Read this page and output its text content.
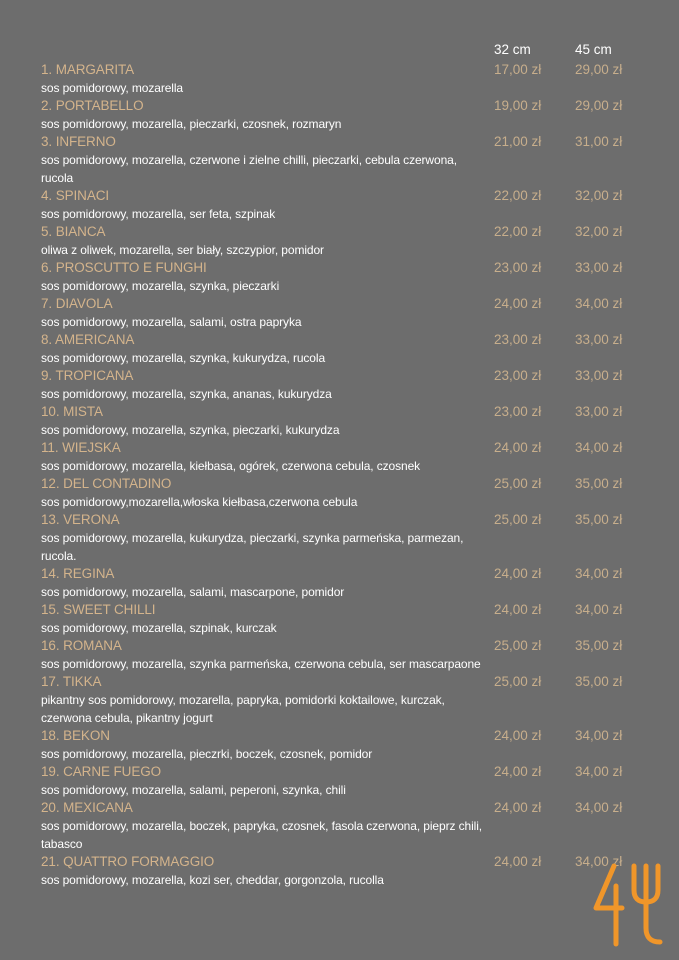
32 cm	45 cm
1. MARGARITA	17,00 zł 29,00 zł
sos pomidorowy, mozarella
2. PORTABELLO	19,00 zł 29,00 zł
sos pomidorowy, mozarella, pieczarki, czosnek, rozmaryn
3. INFERNO	21,00 zł 31,00 zł
sos pomidorowy, mozarella, czerwone i zielne chilli, pieczarki, cebula czerwona, rucola
4. SPINACI	22,00 zł 32,00 zł
sos pomidorowy, mozarella, ser feta, szpinak
5. BIANCA	22,00 zł 32,00 zł
oliwa z oliwek, mozarella, ser biały, szczypior, pomidor
6. PROSCUTTO E FUNGHI	23,00 zł 33,00 zł
sos pomidorowy, mozarella, szynka, pieczarki
7. DIAVOLA	24,00 zł 34,00 zł
sos pomidorowy, mozarella, salami, ostra papryka
8. AMERICANA	23,00 zł 33,00 zł
sos pomidorowy, mozarella, szynka, kukurydza, rucola
9. TROPICANA	23,00 zł 33,00 zł
sos pomidorowy, mozarella, szynka, ananas, kukurydza
10. MISTA	23,00 zł 33,00 zł
sos pomidorowy, mozarella, szynka, pieczarki, kukurydza
11. WIEJSKA	24,00 zł 34,00 zł
sos pomidorowy, mozarella, kiełbasa, ogórek, czerwona cebula, czosnek
12. DEL CONTADINO	25,00 zł 35,00 zł
sos pomidorowy,mozarella,włoska kiełbasa,czerwona cebula
13. VERONA	25,00 zł 35,00 zł
sos pomidorowy, mozarella, kukurydza, pieczarki, szynka parmeńska, parmezan, rucola.
14. REGINA	24,00 zł 34,00 zł
sos pomidorowy, mozarella, salami, mascarpone, pomidor
15. SWEET CHILLI	24,00 zł 34,00 zł
sos pomidorowy, mozarella, szpinak, kurczak
16. ROMANA	25,00 zł 35,00 zł
sos pomidorowy, mozarella, szynka parmeńska, czerwona cebula, ser mascarpaone
17. TIKKA	25,00 zł 35,00 zł
pikantny sos pomidorowy, mozarella, papryka, pomidorki koktailowe, kurczak, czerwona cebula, pikantny jogurt
18. BEKON	24,00 zł 34,00 zł
sos pomidorowy, mozarella, pieczrki, boczek, czosnek, pomidor
19. CARNE FUEGO	24,00 zł 34,00 zł
sos pomidorowy, mozarella, salami, peperoni, szynka, chili
20. MEXICANA	24,00 zł 34,00 zł
sos pomidorowy, mozarella, boczek, papryka, czosnek, fasola czerwona, pieprz chili, tabasco
21. QUATTRO FORMAGGIO	24,00 zł 34,00 zł
sos pomidorowy, mozarella, kozi ser, cheddar, gorgonzola, rucolla
